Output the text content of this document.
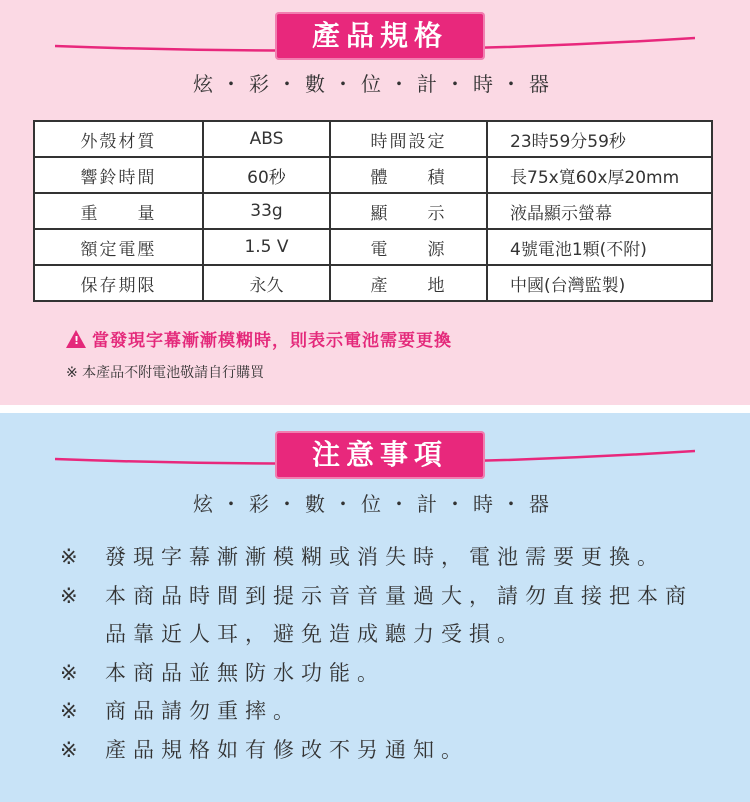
產品規格
炫・彩・數・位・計・時・器
外殼材質	ABS	時間設定	23時59分59秒
響鈴時間	60秒	體　　積	長75x寬60x厚20mm
重　　量	33g	顯　　示	液晶顯示螢幕
額定電壓	1.5 V	電　　源	4號電池1顆(不附)
保存期限	永久	產　　地	中國(台灣監製)
! 當發現字幕漸漸模糊時，則表示電池需要更換
※ 本產品不附電池敬請自行購買
注意事項
炫・彩・數・位・計・時・器
※	發現字幕漸漸模糊或消失時，電池需要更換。
※	本商品時間到提示音音量過大，請勿直接把本商品靠近人耳，避免造成聽力受損。
※	本商品並無防水功能。
※	商品請勿重摔。
※	產品規格如有修改不另通知。
